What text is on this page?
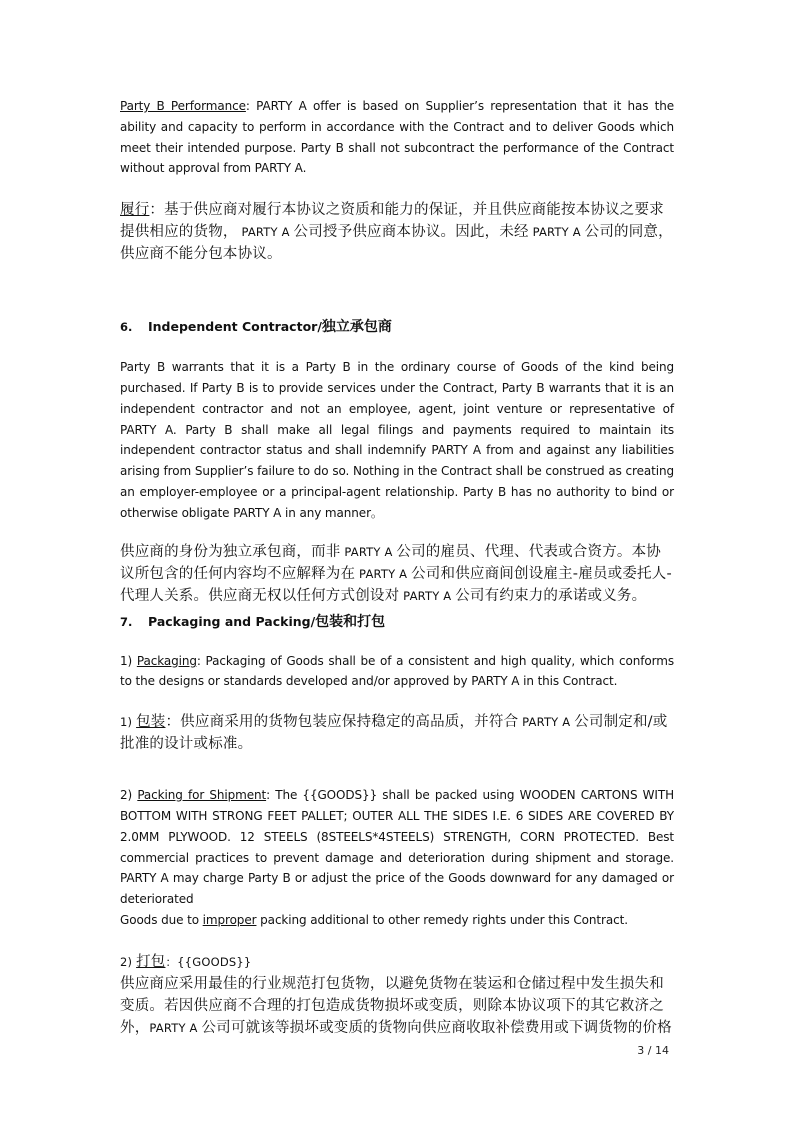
Party B Performance: PARTY A offer is based on Supplier’s representation that it has the ability and capacity to perform in accordance with the Contract and to deliver Goods which meet their intended purpose. Party B shall not subcontract the performance of the Contract without approval from PARTY A.

履行：基于供应商对履行本协议之资质和能力的保证，并且供应商能按本协议之要求提供相应的货物， PARTY A 公司授予供应商本协议。因此，未经 PARTY A 公司的同意，供应商不能分包本协议。

6.	Independent Contractor/ 独立承包商

Party B warrants that it is a Party B in the ordinary course of Goods of the kind being purchased. If Party B is to provide services under the Contract, Party B warrants that it is an independent contractor and not an employee, agent, joint venture or representative of PARTY A. Party B shall make all legal filings and payments required to maintain its independent contractor status and shall indemnify PARTY A from and against any liabilities arising from Supplier’s failure to do so. Nothing in the Contract shall be construed as creating an employer-employee or a principal-agent relationship. Party B has no authority to bind or otherwise obligate PARTY A in any manner。

供应商的身份为独立承包商，而非 PARTY A 公司的雇员、代理、代表或合资方。本协议所包含的任何内容均不应解释为在 PARTY A 公司和供应商间创设雇主-雇员或委托人-代理人关系。供应商无权以任何方式创设对 PARTY A 公司有约束力的承诺或义务。

7.	Packaging and Packing/ 包装和打包

1) Packaging: Packaging of Goods shall be of a consistent and high quality, which conforms to the designs or standards developed and/or approved by PARTY A in this Contract.

1) 包装：供应商采用的货物包装应保持稳定的高品质，并符合 PARTY A 公司制定和/或批准的设计或标准。

2) Packing for Shipment: The {{GOODS}} shall be packed using WOODEN CARTONS WITH BOTTOM WITH STRONG FEET PALLET; OUTER ALL THE SIDES I.E. 6 SIDES ARE COVERED BY 2.0MM PLYWOOD. 12 STEELS (8STEELS*4STEELS) STRENGTH, CORN PROTECTED. Best commercial practices to prevent damage and deterioration during shipment and storage. PARTY A may charge Party B or adjust the price of the Goods downward for any damaged or deteriorated

Goods due to improper packing additional to other remedy rights under this Contract.

2) 打包：{{GOODS}}

供应商应采用最佳的行业规范打包货物，以避免货物在装运和仓储过程中发生损失和变质。若因供应商不合理的打包造成货物损坏或变质，则除本协议项下的其它救济之外，PARTY A 公司可就该等损坏或变质的货物向供应商收取补偿费用或下调货物的价格

3 / 14
